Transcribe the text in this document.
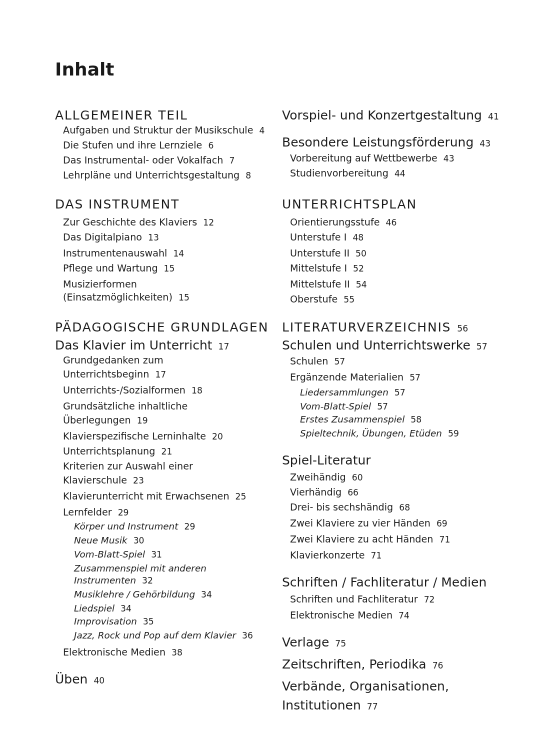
Inhalt
ALLGEMEINER TEIL
Aufgaben und Struktur der Musikschule 4
Die Stufen und ihre Lernziele 6
Das Instrumental- oder Vokalfach 7
Lehrpläne und Unterrichtsgestaltung 8
DAS INSTRUMENT
Zur Geschichte des Klaviers 12
Das Digitalpiano 13
Instrumentenauswahl 14
Pflege und Wartung 15
Musizierformen
(Einsatzmöglichkeiten) 15
PÄDAGOGISCHE GRUNDLAGEN
Das Klavier im Unterricht 17
Grundgedanken zum
Unterrichtsbeginn 17
Unterrichts-/Sozialformen 18
Grundsätzliche inhaltliche
Überlegungen 19
Klavierspezifische Lerninhalte 20
Unterrichtsplanung 21
Kriterien zur Auswahl einer
Klavierschule 23
Klavierunterricht mit Erwachsenen 25
Lernfelder 29
Körper und Instrument 29
Neue Musik 30
Vom-Blatt-Spiel 31
Zusammenspiel mit anderen
Instrumenten 32
Musiklehre / Gehörbildung 34
Liedspiel 34
Improvisation 35
Jazz, Rock und Pop auf dem Klavier 36
Elektronische Medien 38
Üben 40
Vorspiel- und Konzertgestaltung 41
Besondere Leistungsförderung 43
Vorbereitung auf Wettbewerbe 43
Studienvorbereitung 44
UNTERRICHTSPLAN
Orientierungsstufe 46
Unterstufe I 48
Unterstufe II 50
Mittelstufe I 52
Mittelstufe II 54
Oberstufe 55
LITERATURVERZEICHNIS 56
Schulen und Unterrichtswerke 57
Schulen 57
Ergänzende Materialien 57
Liedersammlungen 57
Vom-Blatt-Spiel 57
Erstes Zusammenspiel 58
Spieltechnik, Übungen, Etüden 59
Spiel-Literatur
Zweihändig 60
Vierhändig 66
Drei- bis sechshändig 68
Zwei Klaviere zu vier Händen 69
Zwei Klaviere zu acht Händen 71
Klavierkonzerte 71
Schriften / Fachliteratur / Medien
Schriften und Fachliteratur 72
Elektronische Medien 74
Verlage 75
Zeitschriften, Periodika 76
Verbände, Organisationen,
Institutionen 77
